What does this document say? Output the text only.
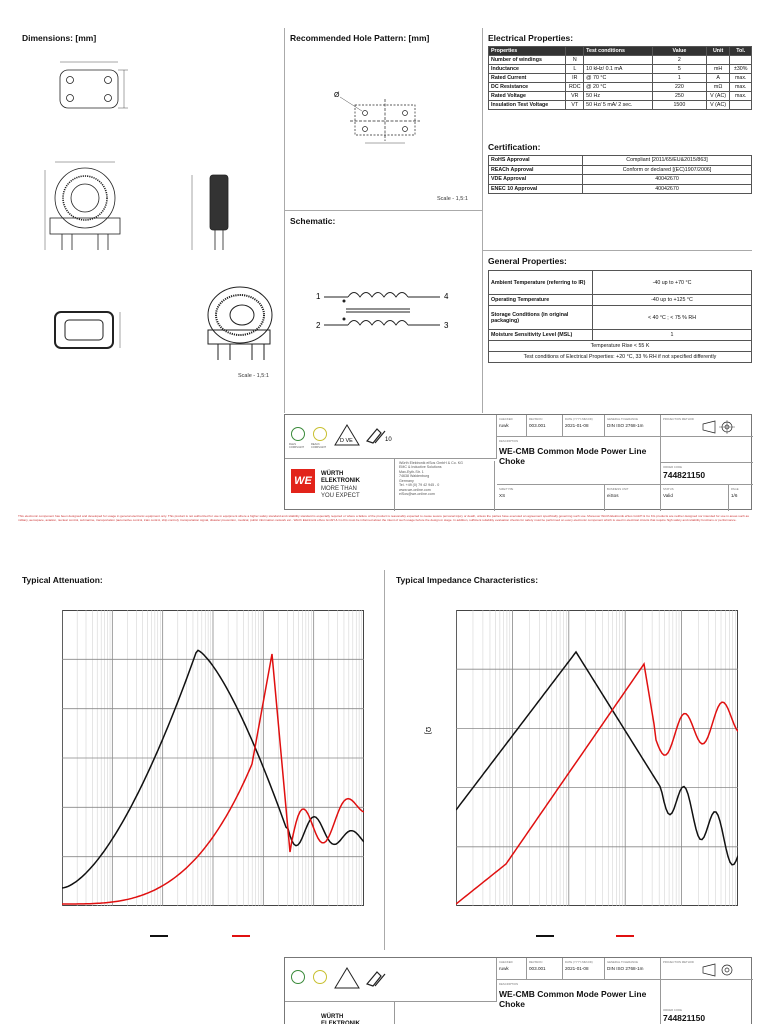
Dimensions: [mm]	Recommended Hole Pattern: [mm]	Electrical Properties:
Schematic:
Certification:
General Properties:
Scale - 1,5:1
Ø
Scale - 1,5:1
1
2
4
3
Properties		Test conditions	Value	Unit	Tol.
Number of windings	N		2		
Inductance	L	10 kHz/ 0.1 mA	5	mH	±30%
Rated Current	IR	@ 70 °C	1	A	max.
DC Resistance	RDC	@ 20 °C	220	mΩ	max.
Rated Voltage	VR	50 Hz	250	V (AC)	max.
Insulation Test Voltage	VT	50 Hz/ 5 mA/ 2 sec.	1500	V (AC)	
RoHS Approval	Compliant [2011/65/EU&2015/863]
REACh Approval	Conform or declared [(EC)1907/2006]
VDE Approval	40042670
ENEC 10 Approval	40042670
Ambient Temperature (referring to IR)	-40 up to +70 °C
Operating Temperature	-40 up to +125 °C
Storage Conditions (in original packaging)	< 40 °C ; < 75 % RH
Moisture Sensitivity Level (MSL)	1
Temperature Rise < 55 K	
Test conditions of Electrical Properties: +20 °C, 33 % RH if not specified differently	
RoHS
COMPLIANT
REACh
COMPLIANT
D VE	10
WE
WÜRTH
ELEKTRONIK
MORE THAN
YOU EXPECT
Würth Elektronik eiSos GmbH & Co. KG
EMC & Inductive Solutions
Max-Eyth-Str. 1
74638 Waldenburg
Germany
Tel. +49 (0) 79 42 945 - 0
www.we-online.com
eiSos@we-online.com
CHECKED
ruwk
REVISION
003.001
DATE (YYYY-MM-DD)
2021-01-08
GENERAL TOLERANCE
DIN ISO 2768-1m
PROJECTION METHOD
DESCRIPTION
WE-CMB Common Mode Power Line Choke
ORDER CODE
744821150
SIZE/TYPE
XS
BUSINESS UNIT
eiSos
STATUS
Valid
PAGE
1/6
This electronic component has been designed and developed for usage in general electronic equipment only. This product is not authorized for use in equipment where a higher safety standard and reliability standard is especially required or where a failure of the product is reasonably expected to cause severe personal injury or death, unless the parties have executed an agreement specifically governing such use. Moreover Würth Elektronik eiSos GmbH & Co KG products are neither designed nor intended for use in areas such as military, aerospace, aviation, nuclear control, submarine, transportation (automotive control, train control, ship control), transportation signal, disaster prevention, medical, public information network etc.. Würth Elektronik eiSos GmbH & Co KG must be informed about the intent of such usage before the design-in stage. In addition, sufficient reliability evaluation checks for safety must be performed on every electronic component which is used in electrical circuits that require high safety and reliability functions or performance.
Typical Attenuation:	Typical Impedance Characteristics:
Ω]
WÜRTH
ELEKTRONIK
CHECKED
ruwk
REVISION
003.001
DATE (YYYY-MM-DD)
2021-01-08
GENERAL TOLERANCE
DIN ISO 2768-1m
PROJECTION METHOD
DESCRIPTION
WE-CMB Common Mode Power Line Choke
ORDER CODE
744821150
